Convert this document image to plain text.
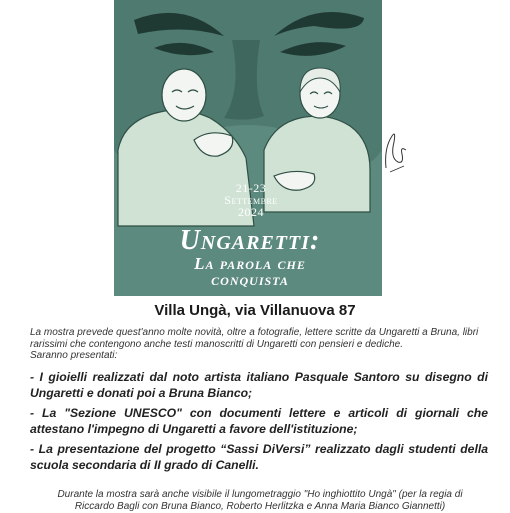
21-23
Settembre
2024
Ungaretti:
La parola che
conquista
Villa Ungà, via Villanuova 87
La mostra prevede quest'anno molte novità, oltre a fotografie, lettere scritte da Ungaretti a Bruna, libri rarissimi che contengono anche testi manoscritti di Ungaretti con pensieri e dediche.
Saranno presentati:

- I gioielli realizzati dal noto artista italiano Pasquale Santoro su disegno di Ungaretti e donati poi a Bruna Bianco;

- La "Sezione UNESCO" con documenti lettere e articoli di giornali che attestano l'impegno di Ungaretti a favore dell'istituzione;

- La presentazione del progetto “Sassi DiVersi” realizzato dagli studenti della scuola secondaria di II grado di Canelli.

Durante la mostra sarà anche visibile il lungometraggio "Ho inghiottito Ungà" (per la regia di
Riccardo Bagli con Bruna Bianco, Roberto Herlitzka e Anna Maria Bianco Giannetti)
